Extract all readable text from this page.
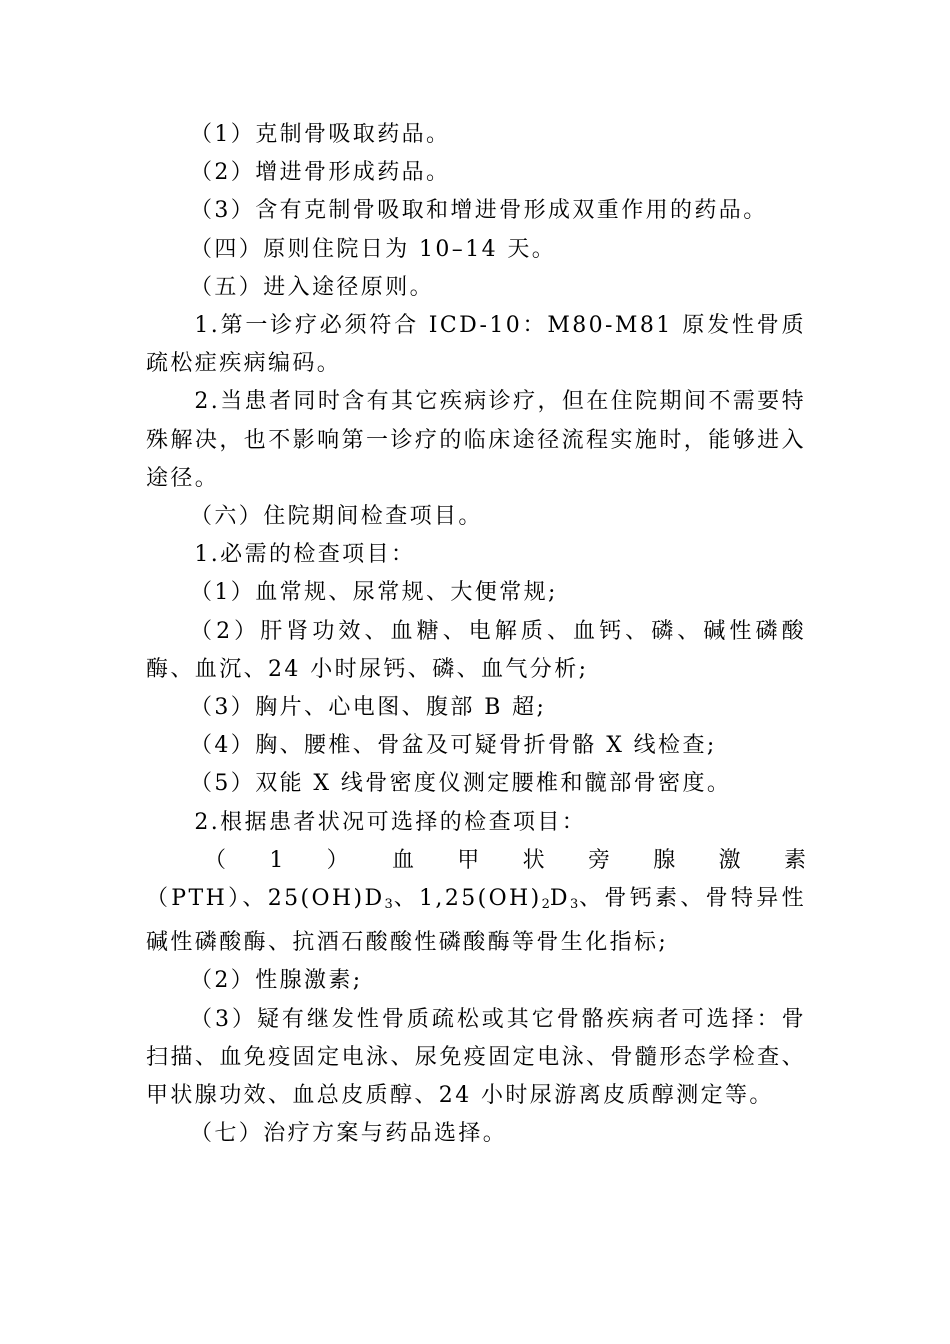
（1）克制骨吸取药品。

（2）增进骨形成药品。

（3）含有克制骨吸取和增进骨形成双重作用的药品。

（四）原则住院日为 10–14 天。

（五）进入途径原则。

1.第一诊疗必须符合 ICD-10：M80-M81 原发性骨质疏松症疾病编码。

2.当患者同时含有其它疾病诊疗，但在住院期间不需要特殊解决，也不影响第一诊疗的临床途径流程实施时，能够进入途径。

（六）住院期间检查项目。

1.必需的检查项目：

（1）血常规、尿常规、大便常规;

（2）肝肾功效、血糖、电解质、血钙、磷、碱性磷酸酶、血沉、24 小时尿钙、磷、血气分析;

（3）胸片、心电图、腹部 B 超;

（4）胸、腰椎、骨盆及可疑骨折骨骼 X 线检查;

（5）双能 X 线骨密度仪测定腰椎和髋部骨密度。

2.根据患者状况可选择的检查项目：

（ 1 ） 血 甲 状 旁 腺 激 素

（PTH）、$25(OH)D_3$、$1,25(OH)_2D_3$、骨钙素、骨特异性碱性磷酸酶、抗酒石酸酸性磷酸酶等骨生化指标;

（2）性腺激素;

（3）疑有继发性骨质疏松或其它骨骼疾病者可选择：骨扫描、血免疫固定电泳、尿免疫固定电泳、骨髓形态学检查、甲状腺功效、血总皮质醇、24 小时尿游离皮质醇测定等。

（七）治疗方案与药品选择。
